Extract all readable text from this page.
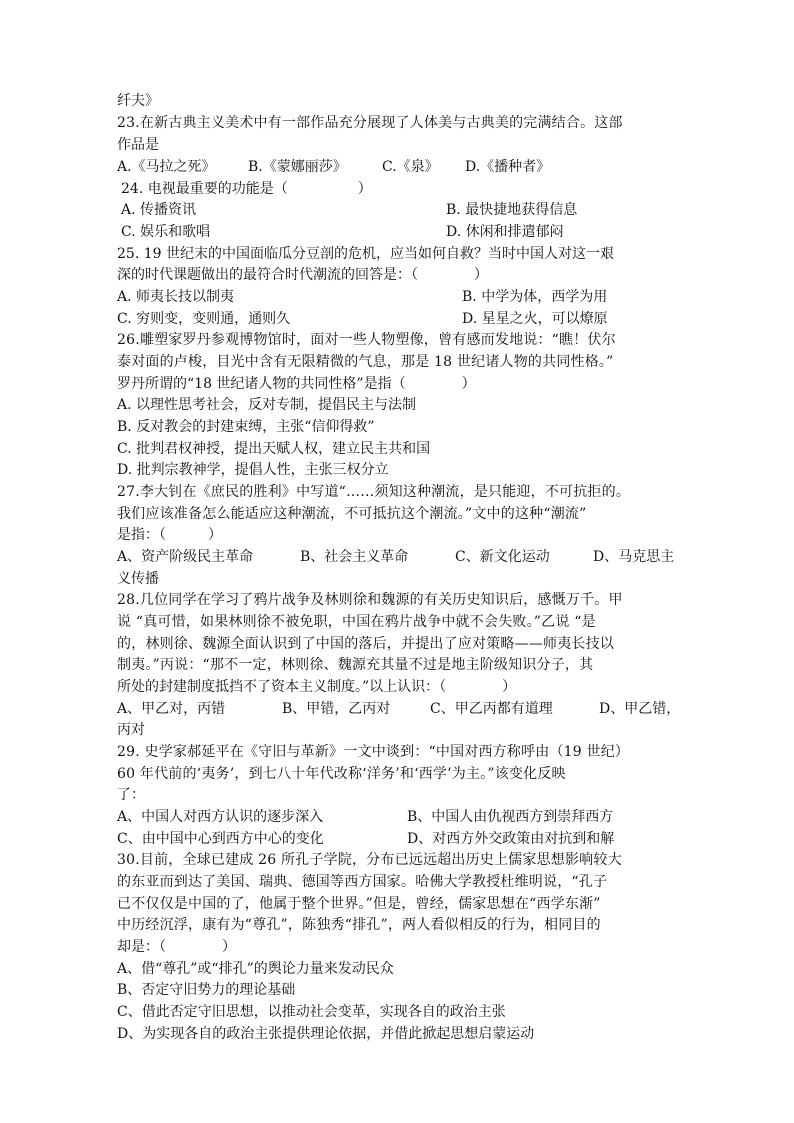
纤夫》
23.在新古典主义美术中有一部作品充分展现了人体美与古典美的完满结合。这部
作品是
A.《马拉之死》 B.《蒙娜丽莎》	C.《泉》 D.《播种者》
24. 电视最重要的功能是（　　　　　）
A. 传播资讯	B. 最快捷地获得信息
C. 娱乐和歌唱	D. 休闲和排遣郁闷
25. 19 世纪末的中国面临瓜分豆剖的危机，应当如何自救？当时中国人对这一艰
深的时代课题做出的最符合时代潮流的回答是：（　　　　）
A. 师夷长技以制夷	B. 中学为体，西学为用
C. 穷则变，变则通，通则久	D. 星星之火，可以燎原
26.雕塑家罗丹参观博物馆时，面对一些人物塑像，曾有感而发地说：“瞧！伏尔
泰对面的卢梭，目光中含有无限精微的气息，那是 18 世纪诸人物的共同性格。”
罗丹所谓的“18 世纪诸人物的共同性格”是指（　　　　）
A. 以理性思考社会，反对专制，提倡民主与法制
B. 反对教会的封建束缚，主张“信仰得救”
C. 批判君权神授，提出天赋人权，建立民主共和国
D. 批判宗教神学，提倡人性，主张三权分立
27.李大钊在《庶民的胜利》中写道“……须知这种潮流，是只能迎，不可抗拒的。
我们应该准备怎么能适应这种潮流，不可抵抗这个潮流。”文中的这种“潮流”
是指：（　　　）
A、资产阶级民主革命	B、社会主义革命	C、新文化运动	D、马克思主
义传播
28.几位同学在学习了鸦片战争及林则徐和魏源的有关历史知识后，感慨万千。甲
说 “真可惜，如果林则徐不被免职，中国在鸦片战争中就不会失败。”乙说 “是
的，林则徐、魏源全面认识到了中国的落后，并提出了应对策略——师夷长技以
制夷。”丙说：“那不一定，林则徐、魏源充其量不过是地主阶级知识分子，其
所处的封建制度抵挡不了资本主义制度。”以上认识：（　　　　）
A、甲乙对，丙错	B、甲错，乙丙对	C、甲乙丙都有道理	D、甲乙错，
丙对
29. 史学家郝延平在《守旧与革新》一文中谈到：“中国对西方称呼由（19 世纪）
60 年代前的‘夷务’，到七八十年代改称‘洋务’和‘西学’为主。”该变化反映
了：
A、中国人对西方认识的逐步深入	B、中国人由仇视西方到崇拜西方
C、由中国中心到西方中心的变化	D、对西方外交政策由对抗到和解
30.目前，全球已建成 26 所孔子学院，分布已远远超出历史上儒家思想影响较大
的东亚而到达了美国、瑞典、德国等西方国家。哈佛大学教授杜维明说，“孔子
已不仅仅是中国的了，他属于整个世界。”但是，曾经，儒家思想在“西学东渐”
中历经沉浮，康有为“尊孔”，陈独秀“排孔”，两人看似相反的行为，相同目的
却是：（　　　　）
A、借“尊孔”或“排孔”的舆论力量来发动民众
B、否定守旧势力的理论基础
C、借此否定守旧思想，以推动社会变革，实现各自的政治主张
D、为实现各自的政治主张提供理论依据，并借此掀起思想启蒙运动
